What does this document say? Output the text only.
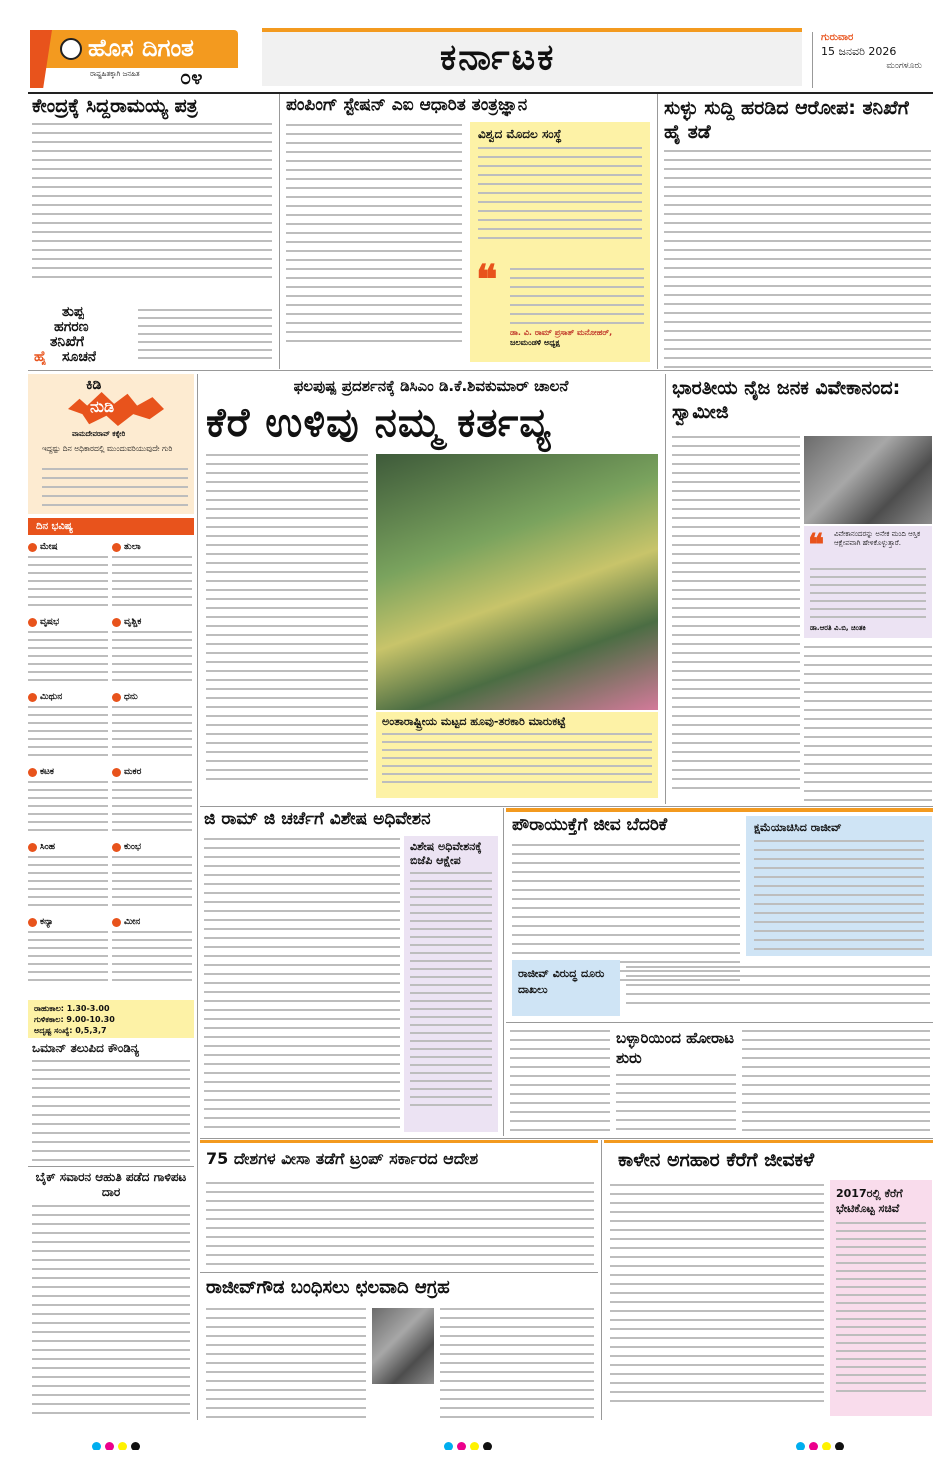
ಹೊಸ ದಿಗಂತ
ರಾಷ್ಟ್ರಹಿತಕ್ಕಾಗಿ ಜನಹಿತ ೦೪	ಕರ್ನಾಟಕ	ಗುರುವಾರ
15 ಜನವರಿ 2026
ಮಂಗಳೂರು
ಕೇಂದ್ರಕ್ಕೆ ಸಿದ್ದರಾಮಯ್ಯ ಪತ್ರ
ತುಪ್ಪ
ಹಗರಣ
ತನಿಖೆಗೆ
ಹೈ ಸೂಚನೆ
ಪಂಪಿಂಗ್ ಸ್ಟೇಷನ್ ಎಐ ಆಧಾರಿತ ತಂತ್ರಜ್ಞಾನ
ವಿಶ್ವದ ಮೊದಲ ಸಂಸ್ಥೆ
❝
ಡಾ. ವಿ. ರಾಮ್ ಪ್ರಸಾತ್ ಮನೋಹರ್,
ಜಲಮಂಡಳಿ ಅಧ್ಯಕ್ಷ
ಸುಳ್ಳು ಸುದ್ದಿ ಹರಡಿದ ಆರೋಪ: ತನಿಖೆಗೆ ಹೈ ತಡೆ
ಕಿಡಿ
ನುಡಿ
ವಾಮದೇವರಾವ್ ಕಕ್ಕೇರಿ
ಇದ್ದಷ್ಟು ದಿನ ಅಧಿಕಾರದಲ್ಲಿ ಮುಂದುವರಿಯುವುದೇ ಗುರಿ
ದಿನ ಭವಿಷ್ಯ
ಮೇಷ	ತುಲಾ
ವೃಷಭ	ವೃಶ್ಚಿಕ
ಮಿಥುನ	ಧನು
ಕಟಕ	ಮಕರ
ಸಿಂಹ	ಕುಂಭ
ಕನ್ಯಾ	ಮೀನ
ರಾಹುಕಾಲ: 1.30-3.00
ಗುಳಿಕಕಾಲ: 9.00-10.30
ಅದೃಷ್ಟ ಸಂಖ್ಯೆ: 0,5,3,7
ಒಮಾನ್ ತಲುಪಿದ ಕೌಂಡಿನ್ಯ
ಬೈಕ್ ಸವಾರನ ಆಹುತಿ ಪಡೆದ ಗಾಳಿಪಟ ದಾರ
ಫಲಪುಷ್ಪ ಪ್ರದರ್ಶನಕ್ಕೆ ಡಿಸಿಎಂ ಡಿ.ಕೆ.ಶಿವಕುಮಾರ್ ಚಾಲನೆ
ಕೆರೆ ಉಳಿವು ನಮ್ಮ ಕರ್ತವ್ಯ
ಅಂತಾರಾಷ್ಟ್ರೀಯ ಮಟ್ಟದ ಹೂವು-ತರಕಾರಿ ಮಾರುಕಟ್ಟೆ
ಭಾರತೀಯ ನೈಜ ಜನಕ ವಿವೇಕಾನಂದ: ಸ್ವಾಮೀಜಿ
❝ ವಿವೇಕಾನಂದರನ್ನು ಅನೇಕ ಮಂದಿ ಆಸ್ತಿಕ ಆಕ್ಷೇಪವಾಗಿ ಹೇಳಿಕೊಳ್ಳುತ್ತಾರೆ.
ಡಾ.ಆರತಿ ವಿ.ಬಿ, ಚಿಂತಕಿ
ಜಿ ರಾಮ್ ಜಿ ಚರ್ಚೆಗೆ ವಿಶೇಷ ಅಧಿವೇಶನ
ವಿಶೇಷ ಅಧಿವೇಶನಕ್ಕೆ ಬಿಜೆಪಿ ಆಕ್ಷೇಪ
ಪೌರಾಯುಕ್ತೆಗೆ ಜೀವ ಬೆದರಿಕೆ	ಕ್ಷಮೆಯಾಚಿಸಿದ ರಾಜೀವ್
ರಾಜೀವ್ ವಿರುದ್ಧ ದೂರು ದಾಖಲು
ಬಳ್ಳಾರಿಯಿಂದ ಹೋರಾಟ ಶುರು
75 ದೇಶಗಳ ವೀಸಾ ತಡೆಗೆ ಟ್ರಂಪ್ ಸರ್ಕಾರದ ಆದೇಶ
ರಾಜೀವ್‌ಗೌಡ ಬಂಧಿಸಲು ಛಲವಾದಿ ಆಗ್ರಹ
ಕಾಳೇನ ಅಗಹಾರ ಕೆರೆಗೆ ಜೀವಕಳೆ
2017ರಲ್ಲಿ ಕೆರೆಗೆ ಭೇಟಿಕೊಟ್ಟ ಸಚಿವೆ
